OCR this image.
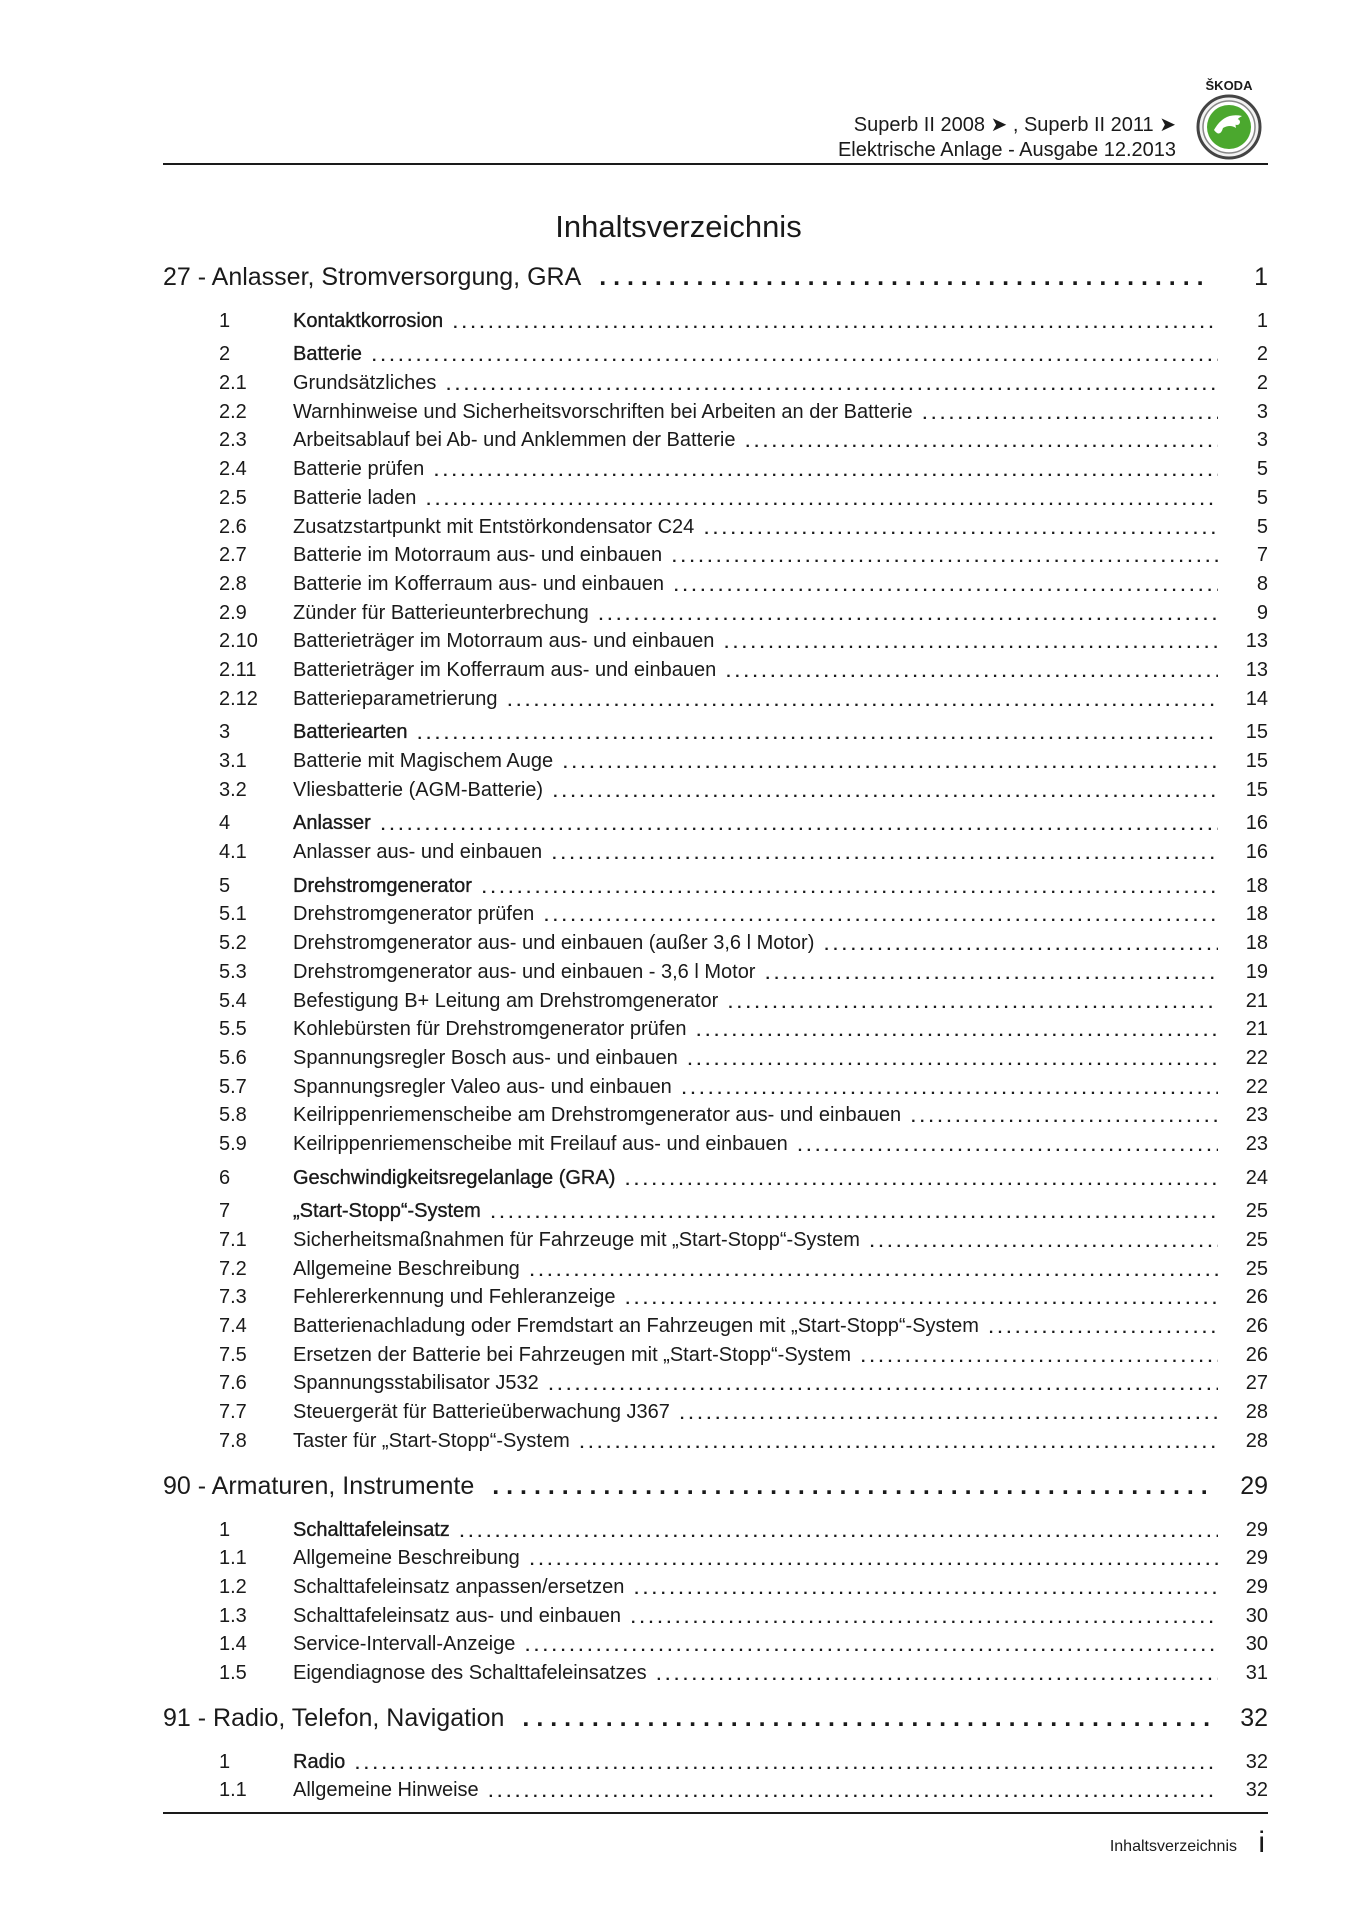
Superb II 2008 ➤ , Superb II 2011 ➤
Elektrische Anlage - Ausgabe 12.2013
ŠKODA
Inhaltsverzeichnis
27 - Anlasser, Stromversorgung, GRA . . .	1
1	Kontaktkorrosion . . .	1
2	Batterie . . .	2
2.1	Grundsätzliches . . .	2
2.2	Warnhinweise und Sicherheitsvorschriften bei Arbeiten an der Batterie . . .	3
2.3	Arbeitsablauf bei Ab- und Anklemmen der Batterie . . .	3
2.4	Batterie prüfen . . .	5
2.5	Batterie laden . . .	5
2.6	Zusatzstartpunkt mit Entstörkondensator C24 . . .	5
2.7	Batterie im Motorraum aus- und einbauen . . .	7
2.8	Batterie im Kofferraum aus- und einbauen . . .	8
2.9	Zünder für Batterieunterbrechung . . .	9
2.10	Batterieträger im Motorraum aus- und einbauen . . .	13
2.11	Batterieträger im Kofferraum aus- und einbauen . . .	13
2.12	Batterieparametrierung . . .	14
3	Batteriearten . . .	15
3.1	Batterie mit Magischem Auge . . .	15
3.2	Vliesbatterie (AGM-Batterie) . . .	15
4	Anlasser . . .	16
4.1	Anlasser aus- und einbauen . . .	16
5	Drehstromgenerator . . .	18
5.1	Drehstromgenerator prüfen . . .	18
5.2	Drehstromgenerator aus- und einbauen (außer 3,6 l Motor) . . .	18
5.3	Drehstromgenerator aus- und einbauen - 3,6 l Motor . . .	19
5.4	Befestigung B+ Leitung am Drehstromgenerator . . .	21
5.5	Kohlebürsten für Drehstromgenerator prüfen . . .	21
5.6	Spannungsregler Bosch aus- und einbauen . . .	22
5.7	Spannungsregler Valeo aus- und einbauen . . .	22
5.8	Keilrippenriemenscheibe am Drehstromgenerator aus- und einbauen . . .	23
5.9	Keilrippenriemenscheibe mit Freilauf aus- und einbauen . . .	23
6	Geschwindigkeitsregelanlage (GRA) . . .	24
7	„Start-Stopp“-System . . .	25
7.1	Sicherheitsmaßnahmen für Fahrzeuge mit „Start-Stopp“-System . . .	25
7.2	Allgemeine Beschreibung . . .	25
7.3	Fehlererkennung und Fehleranzeige . . .	26
7.4	Batterienachladung oder Fremdstart an Fahrzeugen mit „Start-Stopp“-System . . .	26
7.5	Ersetzen der Batterie bei Fahrzeugen mit „Start-Stopp“-System . . .	26
7.6	Spannungsstabilisator J532 . . .	27
7.7	Steuergerät für Batterieüberwachung J367 . . .	28
7.8	Taster für „Start-Stopp“-System . . .	28
90 - Armaturen, Instrumente . . .	29
1	Schalttafeleinsatz . . .	29
1.1	Allgemeine Beschreibung . . .	29
1.2	Schalttafeleinsatz anpassen/ersetzen . . .	29
1.3	Schalttafeleinsatz aus- und einbauen . . .	30
1.4	Service-Intervall-Anzeige . . .	30
1.5	Eigendiagnose des Schalttafeleinsatzes . . .	31
91 - Radio, Telefon, Navigation . . .	32
1	Radio . . .	32
1.1	Allgemeine Hinweise . . .	32
Inhaltsverzeichnis i
